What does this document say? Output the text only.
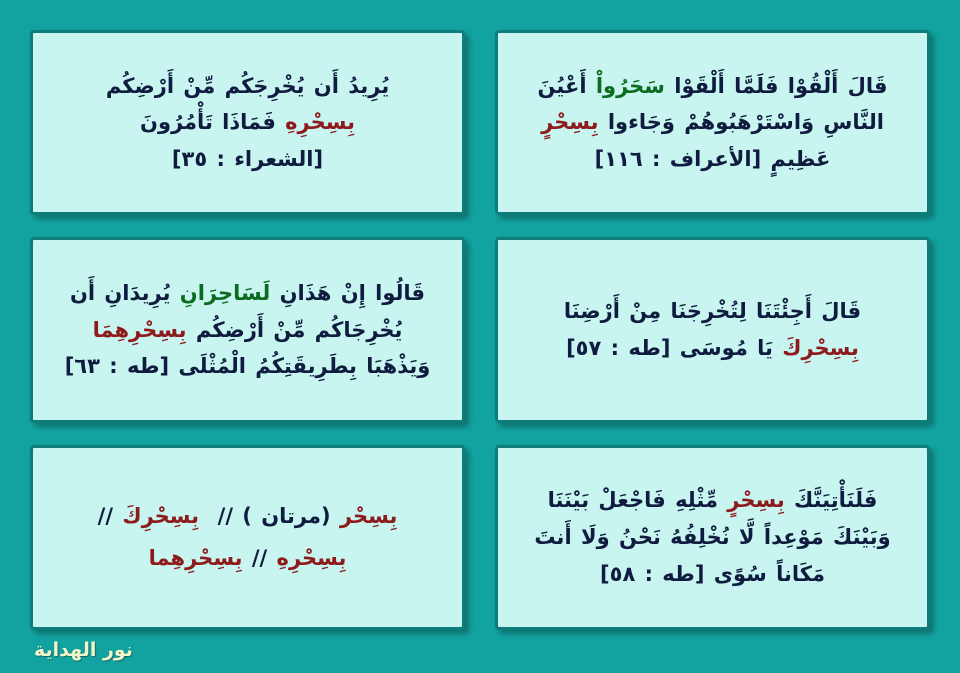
قَالَ أَلْقُوْا فَلَمَّا أَلْقَوْا سَحَرُواْ أَعْيُنَ
النَّاسِ وَاسْتَرْهَبُوهُمْ وَجَاءوا بِسِحْرٍ
عَظِيمٍ [الأعراف : ١١٦]
يُرِيدُ أَن يُخْرِجَكُم مِّنْ أَرْضِكُم
بِسِحْرِهِ فَمَاذَا تَأْمُرُونَ
[الشعراء : ٣٥]
قَالَ أَجِئْتَنَا لِتُخْرِجَنَا مِنْ أَرْضِنَا
بِسِحْرِكَ يَا مُوسَى [طه : ٥٧]
قَالُوا إِنْ هَذَانِ لَسَاحِرَانِ يُرِيدَانِ أَن
يُخْرِجَاكُم مِّنْ أَرْضِكُم بِسِحْرِهِمَا
وَيَذْهَبَا بِطَرِيقَتِكُمُ الْمُثْلَى [طه : ٦٣]
فَلَنَأْتِيَنَّكَ بِسِحْرٍ مِّثْلِهِ فَاجْعَلْ بَيْنَنَا
وَبَيْنَكَ مَوْعِداً لَّا نُخْلِفُهُ نَحْنُ وَلَا أَنتَ
مَكَاناً سُوًى [طه : ٥٨]
بِسِحْر (مرتان ) //  بِسِحْرِكَ //
بِسِحْرِهِ // بِسِحْرِهِما
نور الهداية
